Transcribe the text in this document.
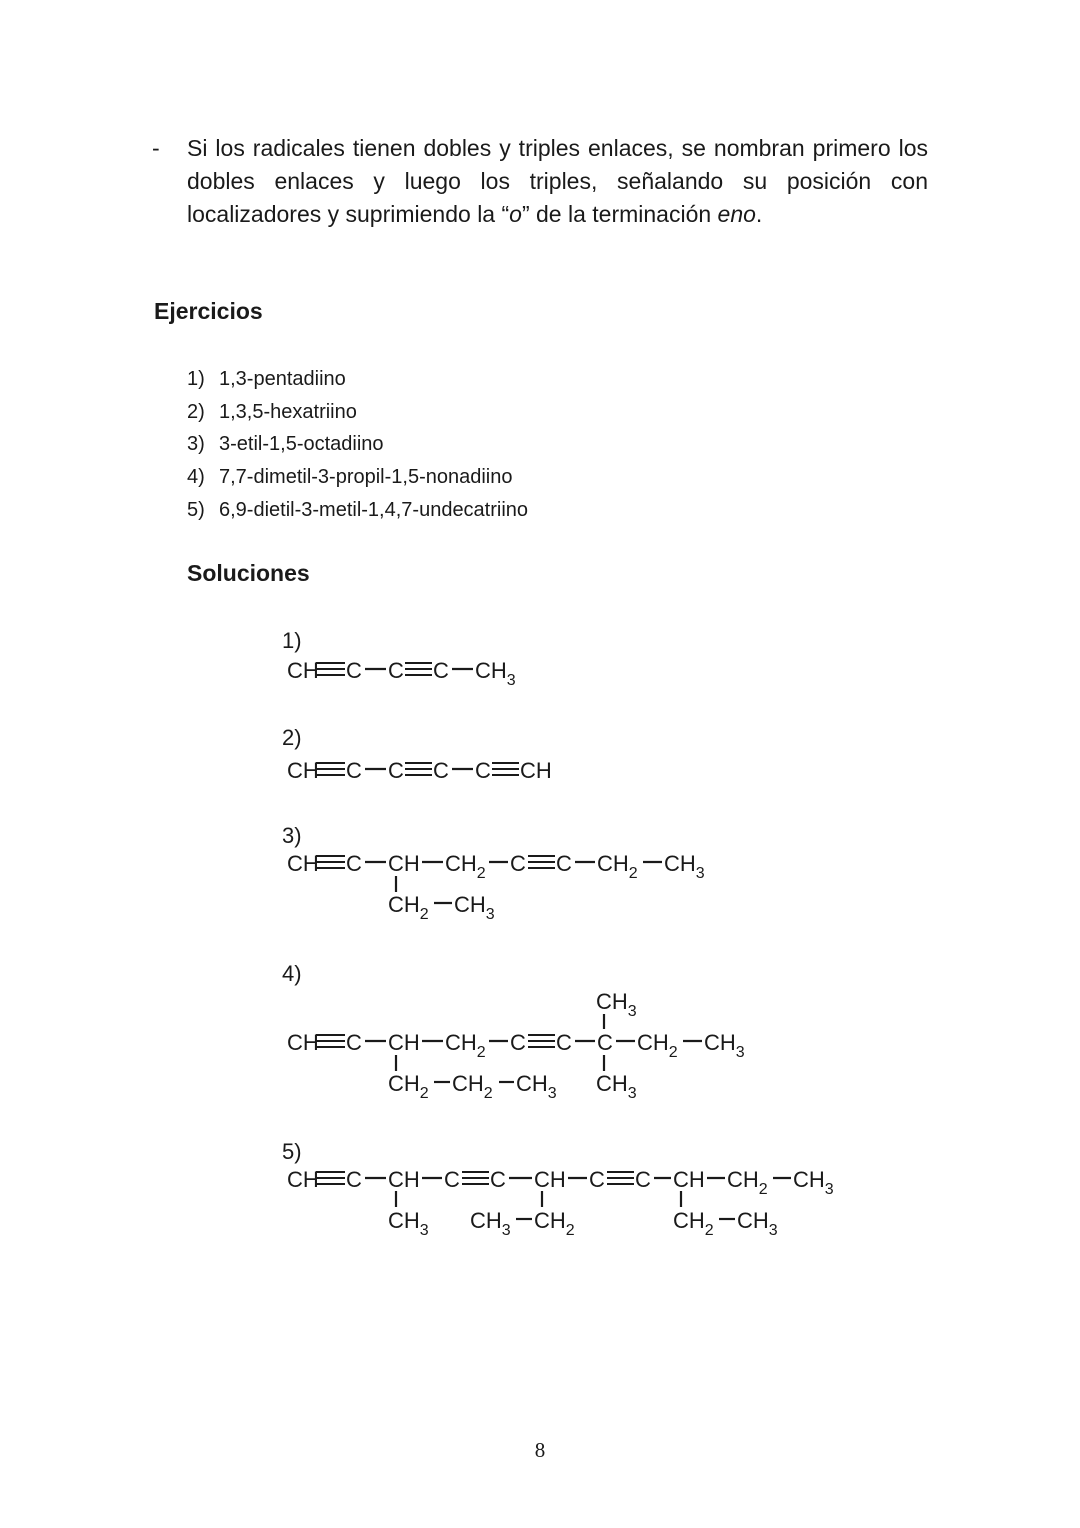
- Si los radicales tienen dobles y triples enlaces, se nombran primero los dobles enlaces y luego los triples, señalando su posición con localizadores y suprimiendo la “o” de la terminación eno.
Ejercicios
1) 1,3-pentadiino
2) 1,3,5-hexatriino
3) 3-etil-1,5-octadiino
4) 7,7-dimetil-3-propil-1,5-nonadiino
5) 6,9-dietil-3-metil-1,4,7-undecatriino
Soluciones
1)
2)
3)
4)
5)
CH C C C $CH_3$
CH C C C C CH
CH C CH $CH_2$ C C $CH_2$ $CH_3$
$CH_2$ $CH_3$
$CH_3$
CH C CH $CH_2$ C C C $CH_2$ $CH_3$
$CH_2$ $CH_2$ $CH_3$ $CH_3$
CH C CH C C CH C C CH $CH_2$ $CH_3$
$CH_3$ $CH_3$ $CH_2$	$CH_2$ $CH_3$
8
